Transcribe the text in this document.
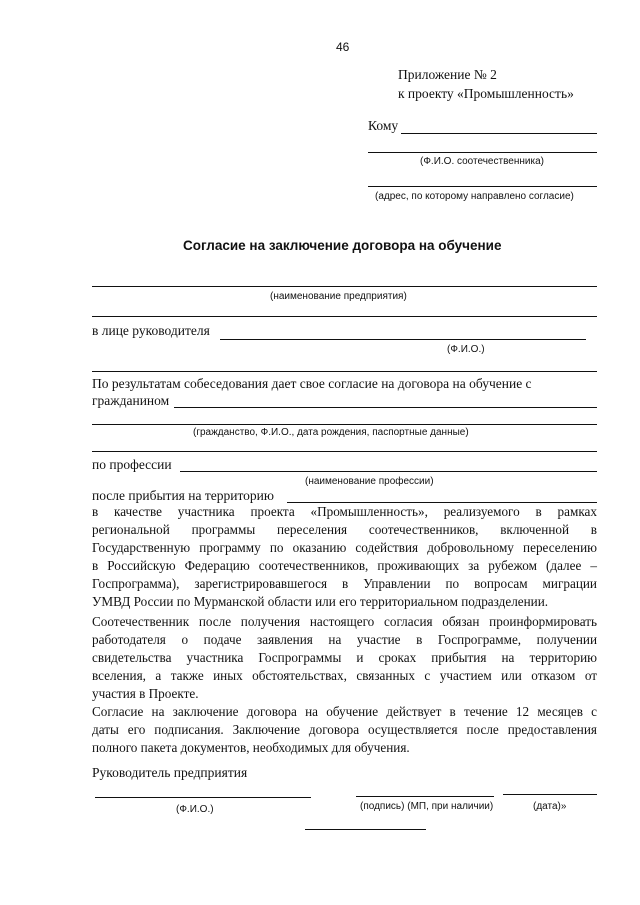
46
Приложение № 2
к проекту «Промышленность»
Кому
(Ф.И.О. соотечественника)
(адрес, по которому направлено согласие)
Согласие на заключение договора на обучение
(наименование предприятия)
в лице руководителя
(Ф.И.О.)
По результатам собеседования дает свое согласие на договора на обучение с
гражданином
(гражданство, Ф.И.О., дата рождения, паспортные данные)
по профессии
(наименование профессии)
после прибытия на территорию
в качестве участника проекта «Промышленность», реализуемого в рамках
региональной программы переселения соотечественников, включенной в
Государственную программу по оказанию содействия добровольному переселению
в Российскую Федерацию соотечественников, проживающих за рубежом (далее –
Госпрограмма), зарегистрировавшегося в Управлении по вопросам миграции
УМВД России по Мурманской области или его территориальном подразделении.
Соотечественник после получения настоящего согласия обязан проинформировать
работодателя о подаче заявления на участие в Госпрограмме, получении
свидетельства участника Госпрограммы и сроках прибытия на территорию
вселения, а также иных обстоятельствах, связанных с участием или отказом от
участия в Проекте.
Согласие на заключение договора на обучение действует в течение 12 месяцев с
даты его подписания. Заключение договора осуществляется после предоставления
полного пакета документов, необходимых для обучения.
Руководитель предприятия
(Ф.И.О.)	(подпись) (МП, при наличии)	(дата)»
